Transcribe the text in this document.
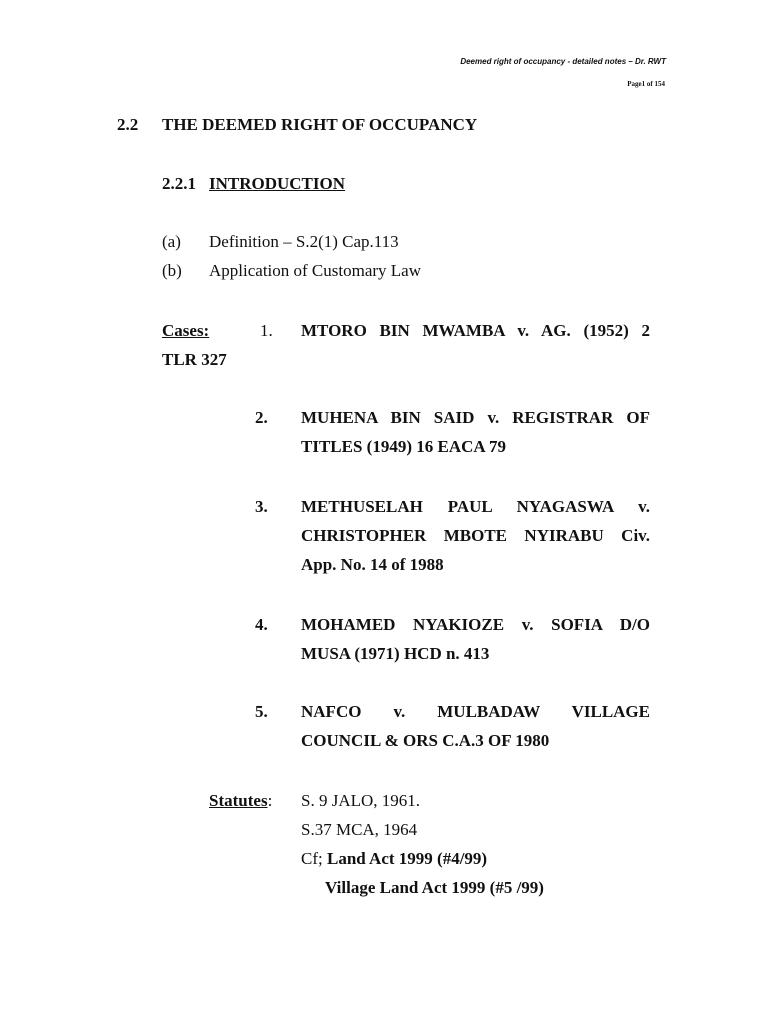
Deemed right of occupancy - detailed notes – Dr. RWT
Page1 of 154
2.2 THE DEEMED RIGHT OF OCCUPANCY
2.2.1 INTRODUCTION
(a) Definition – S.2(1) Cap.113
(b) Application of Customary Law
Cases:	1. MTORO BIN MWAMBA v. AG. (1952) 2
TLR 327
2. MUHENA BIN SAID v. REGISTRAR OF
TITLES (1949) 16 EACA 79
3. METHUSELAH PAUL NYAGASWA v.
CHRISTOPHER MBOTE NYIRABU Civ.
App. No. 14 of 1988
4. MOHAMED NYAKIOZE v. SOFIA D/O
MUSA (1971) HCD n. 413
5. NAFCO v. MULBADAW VILLAGE
COUNCIL & ORS C.A.3 OF 1980
Statutes: S. 9 JALO, 1961.
S.37 MCA, 1964
Cf; Land Act 1999 (#4/99)
Village Land Act 1999 (#5 /99)
